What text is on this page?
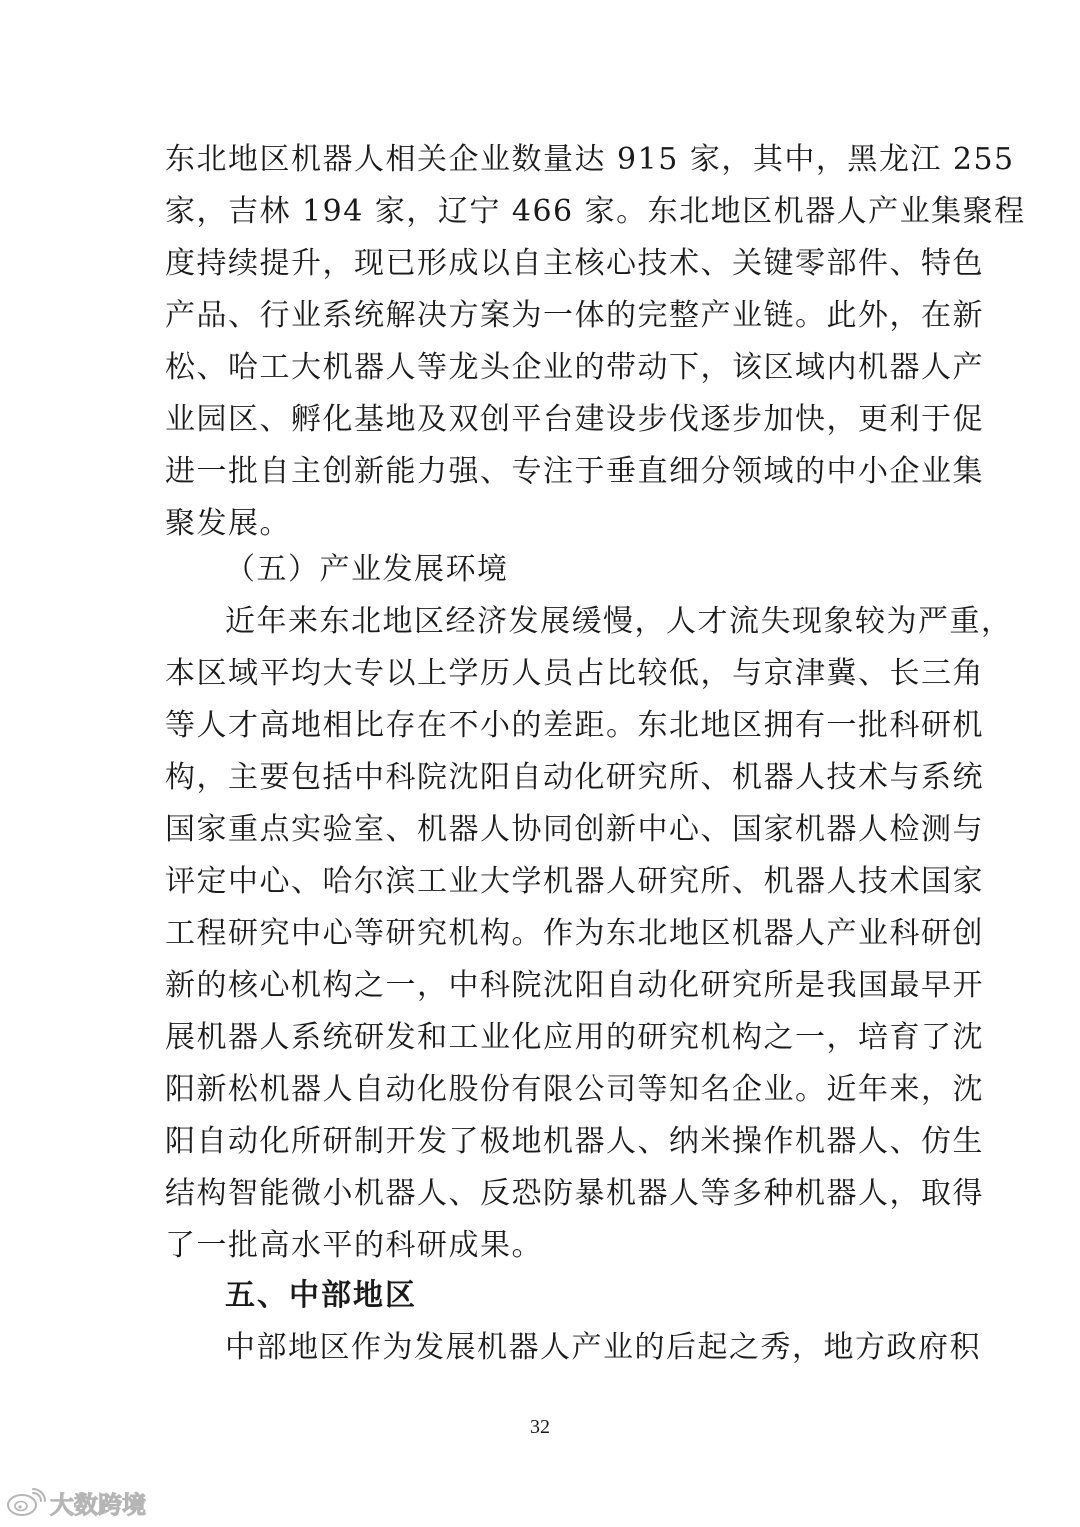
东北地区机器人相关企业数量达 915 家，其中，黑龙江 255
家，吉林 194 家，辽宁 466 家。东北地区机器人产业集聚程
度持续提升，现已形成以自主核心技术、关键零部件、特色
产品、行业系统解决方案为一体的完整产业链。此外，在新
松、哈工大机器人等龙头企业的带动下，该区域内机器人产
业园区、孵化基地及双创平台建设步伐逐步加快，更利于促
进一批自主创新能力强、专注于垂直细分领域的中小企业集
聚发展。
（五）产业发展环境
近年来东北地区经济发展缓慢，人才流失现象较为严重，
本区域平均大专以上学历人员占比较低，与京津冀、长三角
等人才高地相比存在不小的差距。东北地区拥有一批科研机
构，主要包括中科院沈阳自动化研究所、机器人技术与系统
国家重点实验室、机器人协同创新中心、国家机器人检测与
评定中心、哈尔滨工业大学机器人研究所、机器人技术国家
工程研究中心等研究机构。作为东北地区机器人产业科研创
新的核心机构之一，中科院沈阳自动化研究所是我国最早开
展机器人系统研发和工业化应用的研究机构之一，培育了沈
阳新松机器人自动化股份有限公司等知名企业。近年来，沈
阳自动化所研制开发了极地机器人、纳米操作机器人、仿生
结构智能微小机器人、反恐防暴机器人等多种机器人，取得
了一批高水平的科研成果。
五、中部地区
中部地区作为发展机器人产业的后起之秀，地方政府积
32
大数跨境
